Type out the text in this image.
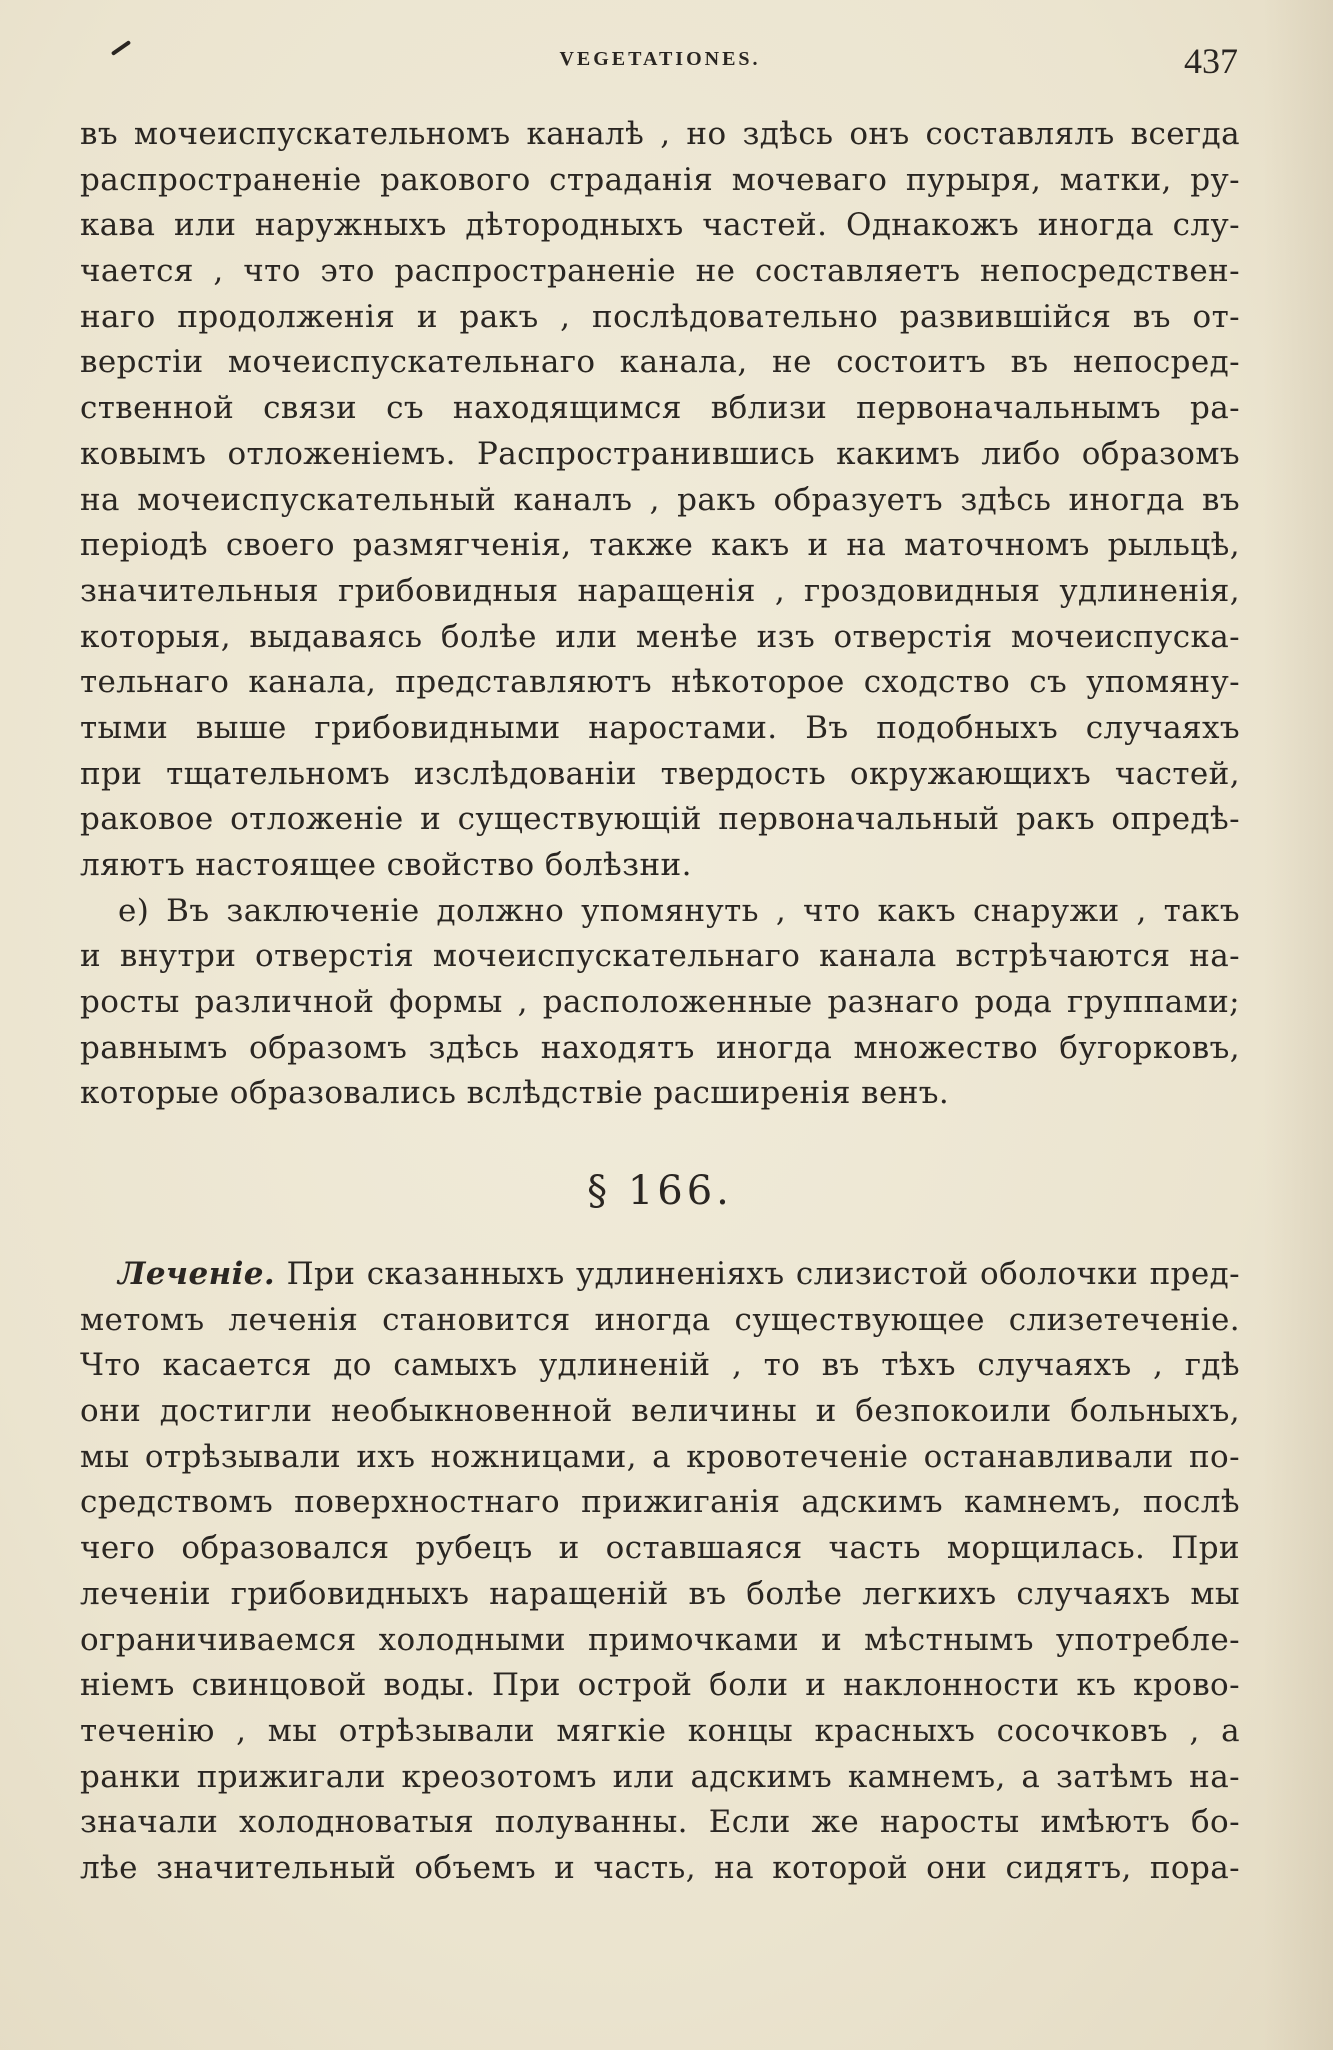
VEGETATIONES.	437
въ мочеиспускательномъ каналѣ , но здѣсь онъ составлялъ всегда
распространенie ракового страданiя мочеваго пурыря, матки, ру-
кава или наружныхъ дѣтородныхъ частей. Однакожъ иногда слу-
чается , что это распространенie не составляетъ непосредствен-
наго продолженiя и ракъ , послѣдовательно развившiйся въ от-
верстiи мочеиспускательнаго канала, не состоитъ въ непосред-
ственной связи съ находящимся вблизи первоначальнымъ ра-
ковымъ отложенiемъ. Распространившись какимъ либо образомъ
на мочеиспускательный каналъ , ракъ образуетъ здѣсь иногда въ
перiодѣ своего размягченiя, также какъ и на маточномъ рыльцѣ,
значительныя грибовидныя наращенiя , гроздовидныя удлиненiя,
которыя, выдаваясь болѣе или менѣе изъ отверстiя мочеиспуска-
тельнаго канала, представляютъ нѣкоторое сходство съ упомяну-
тыми выше грибовидными наростами. Въ подобныхъ случаяхъ
при тщательномъ изслѣдованiи твердость окружающихъ частей,
раковое отложенie и существующiй первоначальный ракъ опредѣ-
ляютъ настоящее свойство болѣзни.
е) Въ заключенie должно упомянуть , что какъ снаружи , такъ
и внутри отверстiя мочеиспускательнаго канала встрѣчаются на-
росты различной формы , расположенные разнаго рода группами;
равнымъ образомъ здѣсь находятъ иногда множество бугорковъ,
которые образовались вслѣдствie расширенiя венъ.
§ 166.
Леченie. При сказанныхъ удлиненiяхъ слизистой оболочки пред-
метомъ леченiя становится иногда существующее слизетеченie.
Что касается до самыхъ удлиненiй , то въ тѣхъ случаяхъ , гдѣ
они достигли необыкновенной величины и безпокоили больныхъ,
мы отрѣзывали ихъ ножницами, а кровотеченie останавливали по-
средствомъ поверхностнаго прижиганiя адскимъ камнемъ, послѣ
чего образовался рубецъ и оставшаяся часть морщилась. При
леченiи грибовидныхъ наращенiй въ болѣе легкихъ случаяхъ мы
ограничиваемся холодными примочками и мѣстнымъ употребле-
нiемъ свинцовой воды. При острой боли и наклонности къ крово-
теченiю , мы отрѣзывали мягкie концы красныхъ сосочковъ , а
ранки прижигали креозотомъ или адскимъ камнемъ, а затѣмъ на-
значали холодноватыя полуванны. Если же наросты имѣютъ бо-
лѣе значительный объемъ и часть, на которой они сидятъ, пора-
